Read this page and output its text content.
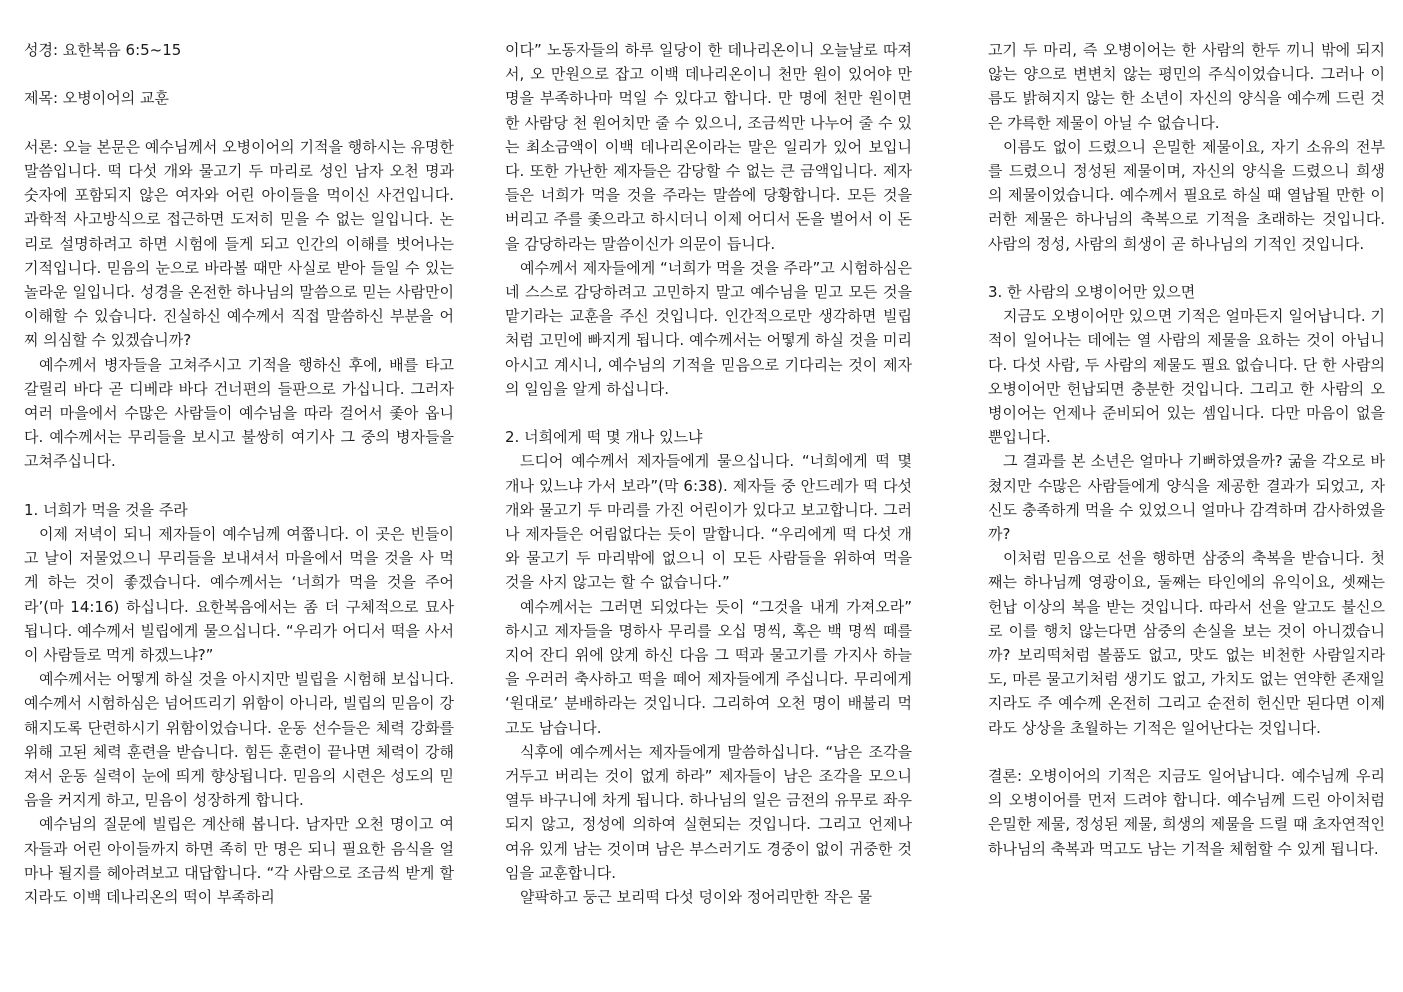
성경: 요한복음 6:5~15

제목: 오병이어의 교훈

서론: 오늘 본문은 예수님께서 오병이어의 기적을 행하시는 유명한 말씀입니다. 떡 다섯 개와 물고기 두 마리로 성인 남자 오천 명과 숫자에 포함되지 않은 여자와 어린 아이들을 먹이신 사건입니다. 과학적 사고방식으로 접근하면 도저히 믿을 수 없는 일입니다. 논리로 설명하려고 하면 시험에 들게 되고 인간의 이해를 벗어나는 기적입니다. 믿음의 눈으로 바라볼 때만 사실로 받아 들일 수 있는 놀라운 일입니다. 성경을 온전한 하나님의 말씀으로 믿는 사람만이 이해할 수 있습니다. 진실하신 예수께서 직접 말씀하신 부분을 어찌 의심할 수 있겠습니까?

예수께서 병자들을 고쳐주시고 기적을 행하신 후에, 배를 타고 갈릴리 바다 곧 디베랴 바다 건너편의 들판으로 가십니다. 그러자 여러 마을에서 수많은 사람들이 예수님을 따라 걸어서 좇아 옵니다. 예수께서는 무리들을 보시고 불쌍히 여기사 그 중의 병자들을 고쳐주십니다.

1. 너희가 먹을 것을 주라

이제 저녁이 되니 제자들이 예수님께 여쭙니다. 이 곳은 빈들이고 날이 저물었으니 무리들을 보내셔서 마을에서 먹을 것을 사 먹게 하는 것이 좋겠습니다. 예수께서는 ‘너희가 먹을 것을 주어라’(마 14:16) 하십니다. 요한복음에서는 좀 더 구체적으로 묘사됩니다. 예수께서 빌립에게 물으십니다. “우리가 어디서 떡을 사서 이 사람들로 먹게 하겠느냐?”

예수께서는 어떻게 하실 것을 아시지만 빌립을 시험해 보십니다. 예수께서 시험하심은 넘어뜨리기 위함이 아니라, 빌립의 믿음이 강해지도록 단련하시기 위함이었습니다. 운동 선수들은 체력 강화를 위해 고된 체력 훈련을 받습니다. 힘든 훈련이 끝나면 체력이 강해져서 운동 실력이 눈에 띄게 향상됩니다. 믿음의 시련은 성도의 믿음을 커지게 하고, 믿음이 성장하게 합니다.

예수님의 질문에 빌립은 계산해 봅니다. 남자만 오천 명이고 여자들과 어린 아이들까지 하면 족히 만 명은 되니 필요한 음식을 얼마나 될지를 헤아려보고 대답합니다. “각 사람으로 조금씩 받게 할 지라도 이백 데나리온의 떡이 부족하리

이다” 노동자들의 하루 일당이 한 데나리온이니 오늘날로 따져서, 오 만원으로 잡고 이백 데나리온이니 천만 원이 있어야 만 명을 부족하나마 먹일 수 있다고 합니다. 만 명에 천만 원이면 한 사람당 천 원어치만 줄 수 있으니, 조금씩만 나누어 줄 수 있는 최소금액이 이백 데나리온이라는 말은 일리가 있어 보입니다. 또한 가난한 제자들은 감당할 수 없는 큰 금액입니다. 제자들은 너희가 먹을 것을 주라는 말씀에 당황합니다. 모든 것을 버리고 주를 좇으라고 하시더니 이제 어디서 돈을 벌어서 이 돈을 감당하라는 말씀이신가 의문이 듭니다.

예수께서 제자들에게 “너희가 먹을 것을 주라”고 시험하심은 네 스스로 감당하려고 고민하지 말고 예수님을 믿고 모든 것을 맡기라는 교훈을 주신 것입니다. 인간적으로만 생각하면 빌립처럼 고민에 빠지게 됩니다. 예수께서는 어떻게 하실 것을 미리 아시고 계시니, 예수님의 기적을 믿음으로 기다리는 것이 제자의 일임을 알게 하십니다.

2. 너희에게 떡 몇 개나 있느냐

드디어 예수께서 제자들에게 물으십니다. “너희에게 떡 몇 개나 있느냐 가서 보라”(막 6:38). 제자들 중 안드레가 떡 다섯 개와 물고기 두 마리를 가진 어린이가 있다고 보고합니다. 그러나 제자들은 어림없다는 듯이 말합니다. “우리에게 떡 다섯 개와 물고기 두 마리밖에 없으니 이 모든 사람들을 위하여 먹을 것을 사지 않고는 할 수 없습니다.”

예수께서는 그러면 되었다는 듯이 “그것을 내게 가져오라” 하시고 제자들을 명하사 무리를 오십 명씩, 혹은 백 명씩 떼를 지어 잔디 위에 앉게 하신 다음 그 떡과 물고기를 가지사 하늘을 우러러 축사하고 떡을 떼어 제자들에게 주십니다. 무리에게 ‘원대로’ 분배하라는 것입니다. 그리하여 오천 명이 배불리 먹고도 남습니다.

식후에 예수께서는 제자들에게 말씀하십니다. “남은 조각을 거두고 버리는 것이 없게 하라” 제자들이 남은 조각을 모으니 열두 바구니에 차게 됩니다. 하나님의 일은 금전의 유무로 좌우되지 않고, 정성에 의하여 실현되는 것입니다. 그리고 언제나 여유 있게 남는 것이며 남은 부스러기도 경중이 없이 귀중한 것임을 교훈합니다.

얄팍하고 둥근 보리떡 다섯 덩이와 정어리만한 작은 물

고기 두 마리, 즉 오병이어는 한 사람의 한두 끼니 밖에 되지 않는 양으로 변변치 않는 평민의 주식이었습니다. 그러나 이름도 밝혀지지 않는 한 소년이 자신의 양식을 예수께 드린 것은 갸륵한 제물이 아닐 수 없습니다.

이름도 없이 드렸으니 은밀한 제물이요, 자기 소유의 전부를 드렸으니 정성된 제물이며, 자신의 양식을 드렸으니 희생의 제물이었습니다. 예수께서 필요로 하실 때 열납될 만한 이러한 제물은 하나님의 축복으로 기적을 초래하는 것입니다. 사람의 정성, 사람의 희생이 곧 하나님의 기적인 것입니다.

3. 한 사람의 오병이어만 있으면

지금도 오병이어만 있으면 기적은 얼마든지 일어납니다. 기적이 일어나는 데에는 열 사람의 제물을 요하는 것이 아닙니다. 다섯 사람, 두 사람의 제물도 필요 없습니다. 단 한 사람의 오병이어만 헌납되면 충분한 것입니다. 그리고 한 사람의 오병이어는 언제나 준비되어 있는 셈입니다. 다만 마음이 없을 뿐입니다.

그 결과를 본 소년은 얼마나 기뻐하였을까? 굶을 각오로 바쳤지만 수많은 사람들에게 양식을 제공한 결과가 되었고, 자신도 충족하게 먹을 수 있었으니 얼마나 감격하며 감사하였을까?

이처럼 믿음으로 선을 행하면 삼중의 축복을 받습니다. 첫째는 하나님께 영광이요, 둘째는 타인에의 유익이요, 셋째는 헌납 이상의 복을 받는 것입니다. 따라서 선을 알고도 불신으로 이를 행치 않는다면 삼중의 손실을 보는 것이 아니겠습니까? 보리떡처럼 볼품도 없고, 맛도 없는 비천한 사람일지라도, 마른 물고기처럼 생기도 없고, 가치도 없는 연약한 존재일지라도 주 예수께 온전히 그리고 순전히 헌신만 된다면 이제라도 상상을 초월하는 기적은 일어난다는 것입니다.

결론: 오병이어의 기적은 지금도 일어납니다. 예수님께 우리의 오병이어를 먼저 드려야 합니다. 예수님께 드린 아이처럼 은밀한 제물, 정성된 제물, 희생의 제물을 드릴 때 초자연적인 하나님의 축복과 먹고도 남는 기적을 체험할 수 있게 됩니다.
